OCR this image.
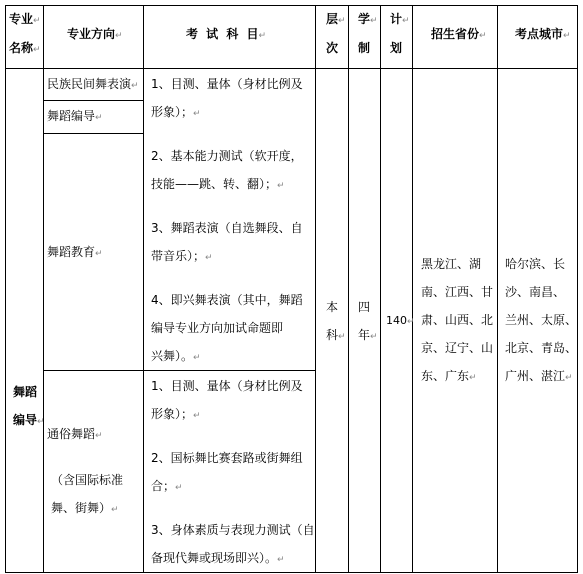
专业↵
名称↵
专业方向↵	考 试 科 目↵
层↵
次
学↵
制
计↵
划
招生省份↵ 考点城市↵
舞蹈
编导↵
民族民间舞表演↵
舞蹈编导↵
舞蹈教育↵
通俗舞蹈↵
（含国际标准
舞、街舞）↵
1、目测、量体（身材比例及
形象）；↵
2、基本能力测试（软开度，
技能——跳、转、翻）；↵
3、舞蹈表演（自选舞段、自
带音乐）；↵
4、即兴舞表演（其中，舞蹈
编导专业方向加试命题即
兴舞）。↵
1、目测、量体（身材比例及
形象）；↵
2、国标舞比赛套路或街舞组
合；↵
3、身体素质与表现力测试（自
备现代舞或现场即兴）。↵
本
科↵
四
年↵
140↵
黑龙江、湖
南、江西、甘
肃、山西、北
京、辽宁、山
东、广东↵
哈尔滨、长
沙、南昌、
兰州、太原、
北京、青岛、
广州、湛江↵
